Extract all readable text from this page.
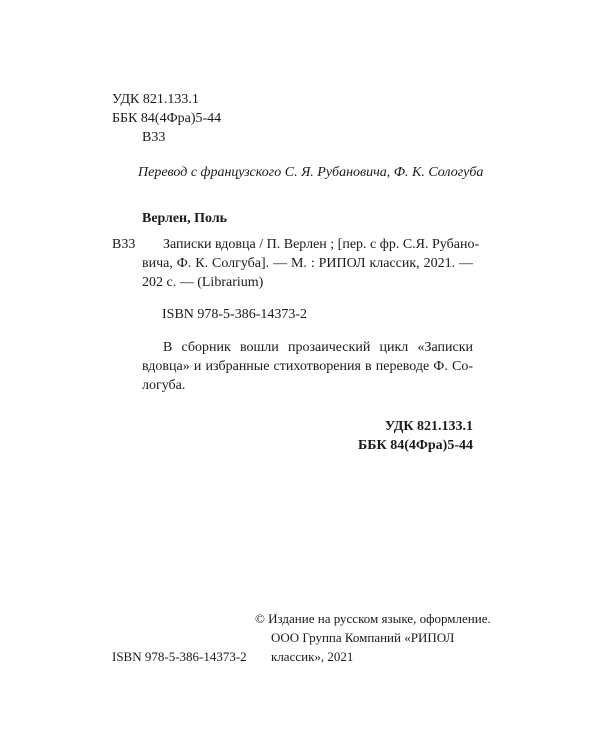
УДК 821.133.1
ББК 84(4Фра)5-44
В33
Перевод с французского С. Я. Рубановича, Ф. К. Сологуба
Верлен, Поль
В33 Записки вдовца / П. Верлен ; [пер. с фр. С.Я. Рубано-
вича, Ф. К. Солгуба]. — М. : РИПОЛ классик, 2021. —
202 с. — (Librarium)
ISBN 978-5-386-14373-2
В сборник вошли прозаический цикл «Записки
вдовца» и избранные стихотворения в переводе Ф. Со-
логуба.
УДК 821.133.1
ББК 84(4Фра)5-44
© Издание на русском языке, оформление.
ООО Группа Компаний «РИПОЛ
классик», 2021
ISBN 978-5-386-14373-2
